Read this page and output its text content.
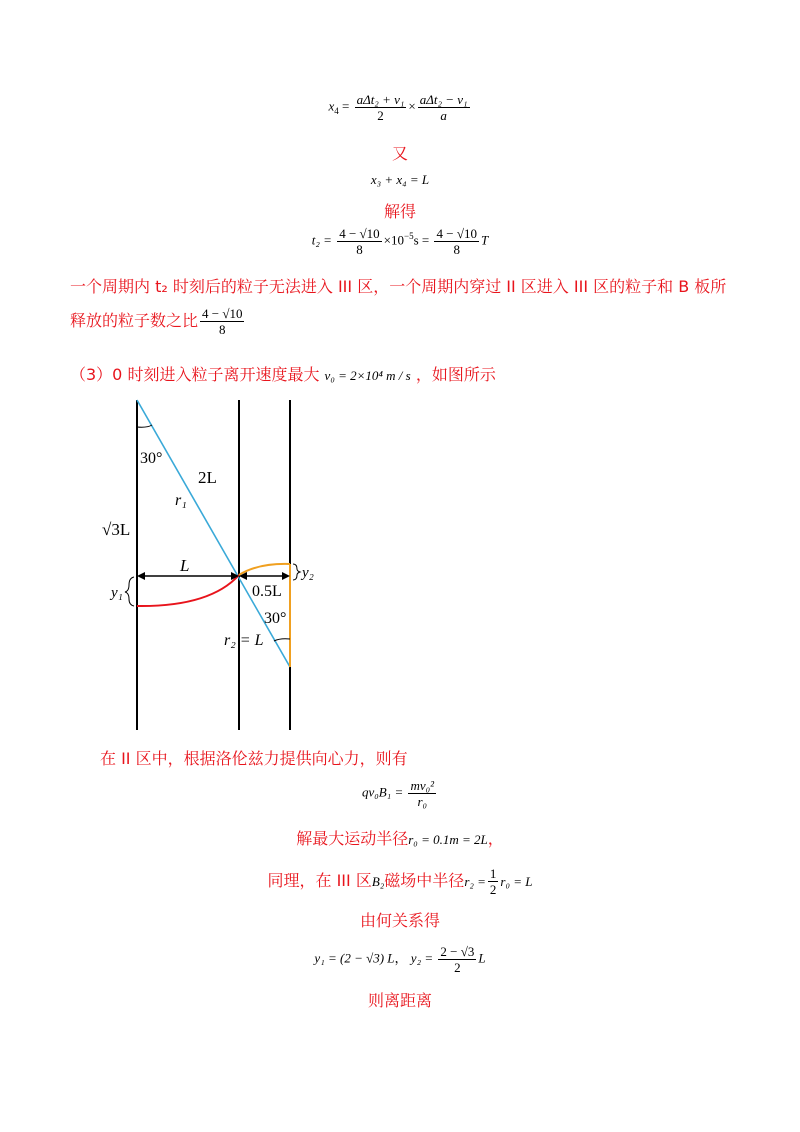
$x_4 = \frac{\text{aΔt₂ + v₁}}{2} \times \frac{\text{aΔt₂ − v₁}}{a}$
又
x₃ + x₄ = L
解得
$t_2 = \frac{4 - √10}{8} \times 10^{-5}s = \frac{4 - √10}{8}$ T
一个周期内 t₂ 时刻后的粒子无法进入 III 区，一个周期内穿过 II 区进入 III 区的粒子和 B 板所
释放的粒子数之比 $\frac{4 - √10}{8}$
（3）0 时刻进入粒子离开速度最大 v₀ = 2×10⁴ m / s ，如图所示
30°
2L
r₁
√3L
L
y₁	0.5L
y₂
30°
r₂ = L
在 II 区中，根据洛伦兹力提供向心力，则有
$qv_0B_1 = \frac{\text{mv₀²}}{\text{r₀}}$
解最大运动半径r₀ = 0.1m = 2L，
同理，在 III 区B₂磁场中半径$r_2 = \frac{1}{2} r_0 = L$
由何关系得
y₁ = (2 − √3) L， $y_2 = \frac{2 - √3}{2}$ L
则离距离
